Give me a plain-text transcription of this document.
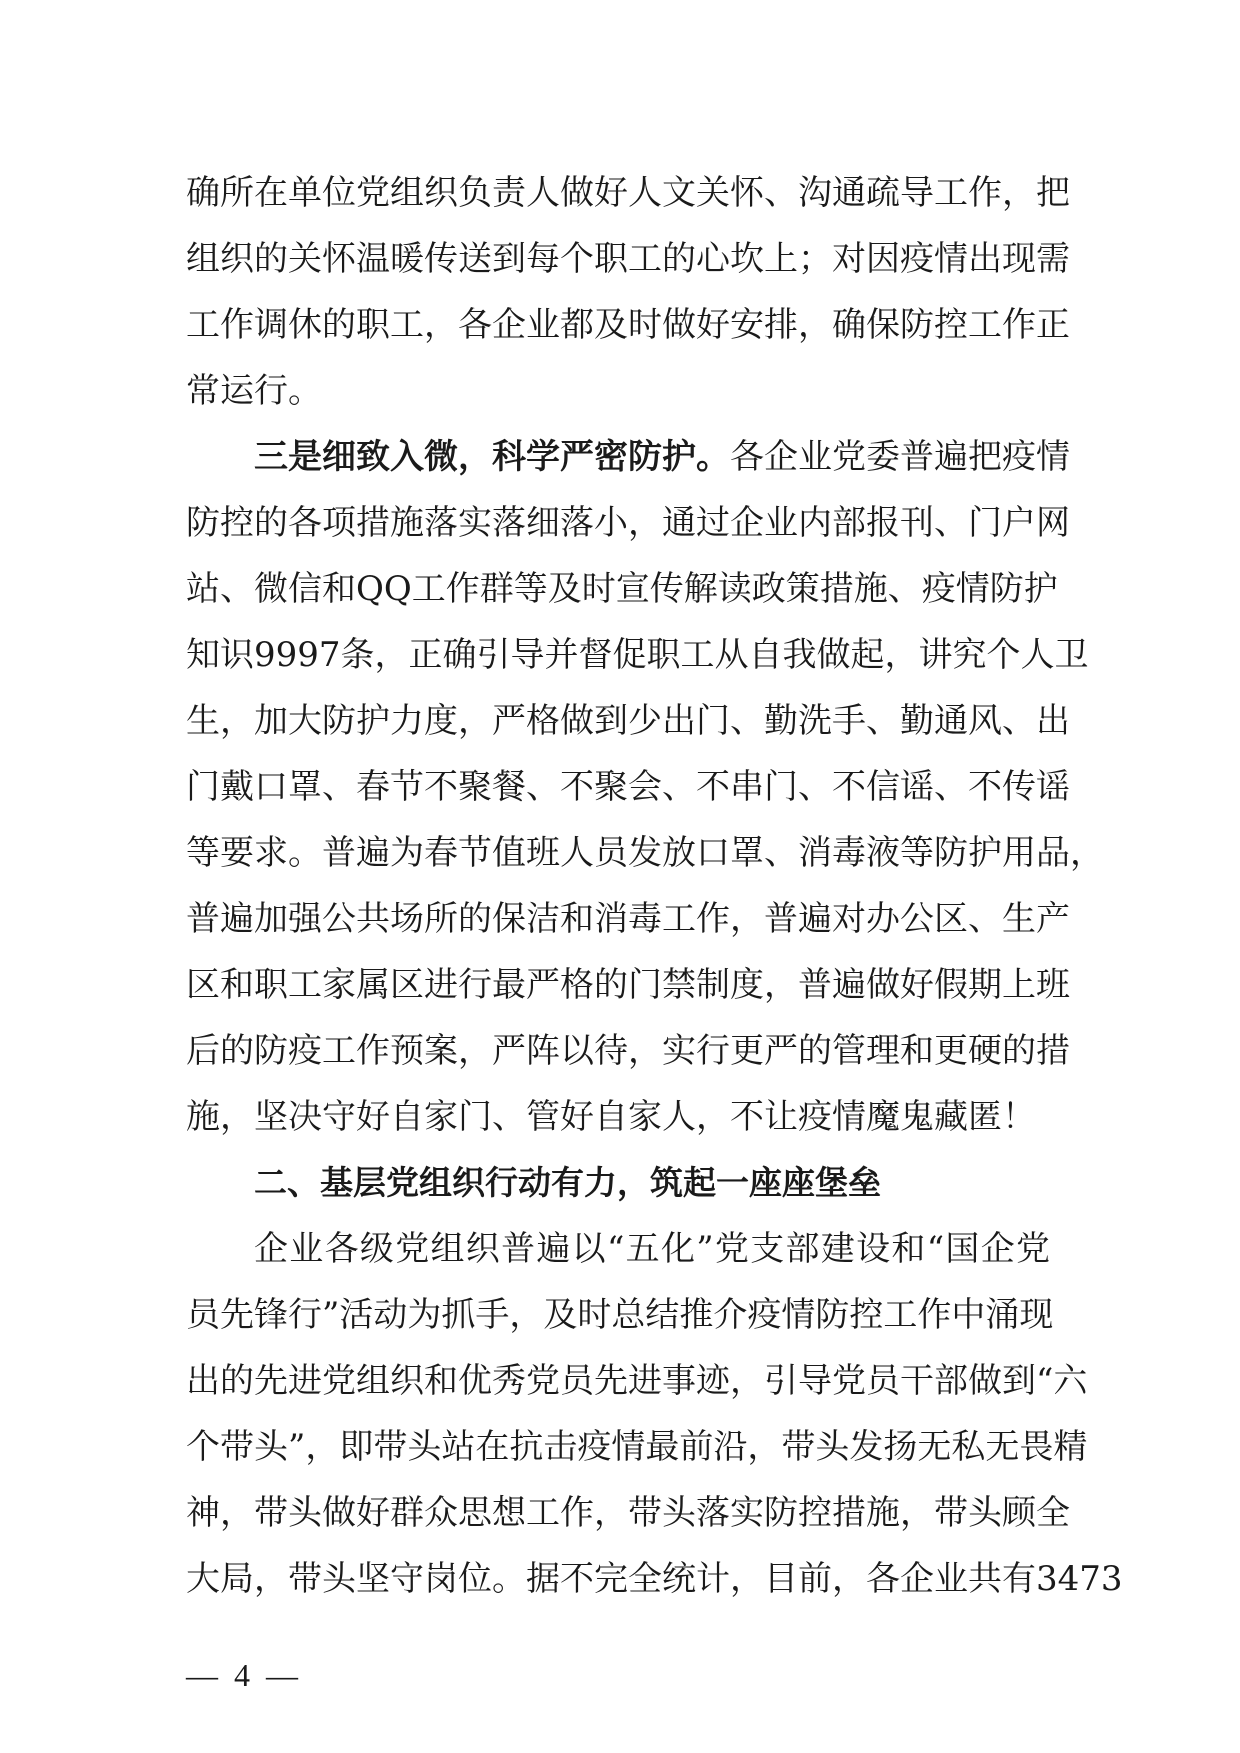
确所在单位党组织负责人做好人文关怀、沟通疏导工作，把
组织的关怀温暖传送到每个职工的心坎上；对因疫情出现需
工作调休的职工，各企业都及时做好安排，确保防控工作正
常运行。
三是细致入微，科学严密防护。各企业党委普遍把疫情
防控的各项措施落实落细落小，通过企业内部报刊、门户网
站、微信和QQ工作群等及时宣传解读政策措施、疫情防护
知识9997条，正确引导并督促职工从自我做起，讲究个人卫
生，加大防护力度，严格做到少出门、勤洗手、勤通风、出
门戴口罩、春节不聚餐、不聚会、不串门、不信谣、不传谣
等要求。普遍为春节值班人员发放口罩、消毒液等防护用品，
普遍加强公共场所的保洁和消毒工作，普遍对办公区、生产
区和职工家属区进行最严格的门禁制度，普遍做好假期上班
后的防疫工作预案，严阵以待，实行更严的管理和更硬的措
施，坚决守好自家门、管好自家人，不让疫情魔鬼藏匿！
二、基层党组织行动有力，筑起一座座堡垒
企业各级党组织普遍以“五化”党支部建设和“国企党
员先锋行”活动为抓手，及时总结推介疫情防控工作中涌现
出的先进党组织和优秀党员先进事迹，引导党员干部做到“六
个带头”，即带头站在抗击疫情最前沿，带头发扬无私无畏精
神，带头做好群众思想工作，带头落实防控措施，带头顾全
大局，带头坚守岗位。据不完全统计，目前，各企业共有3473
— 4 —
